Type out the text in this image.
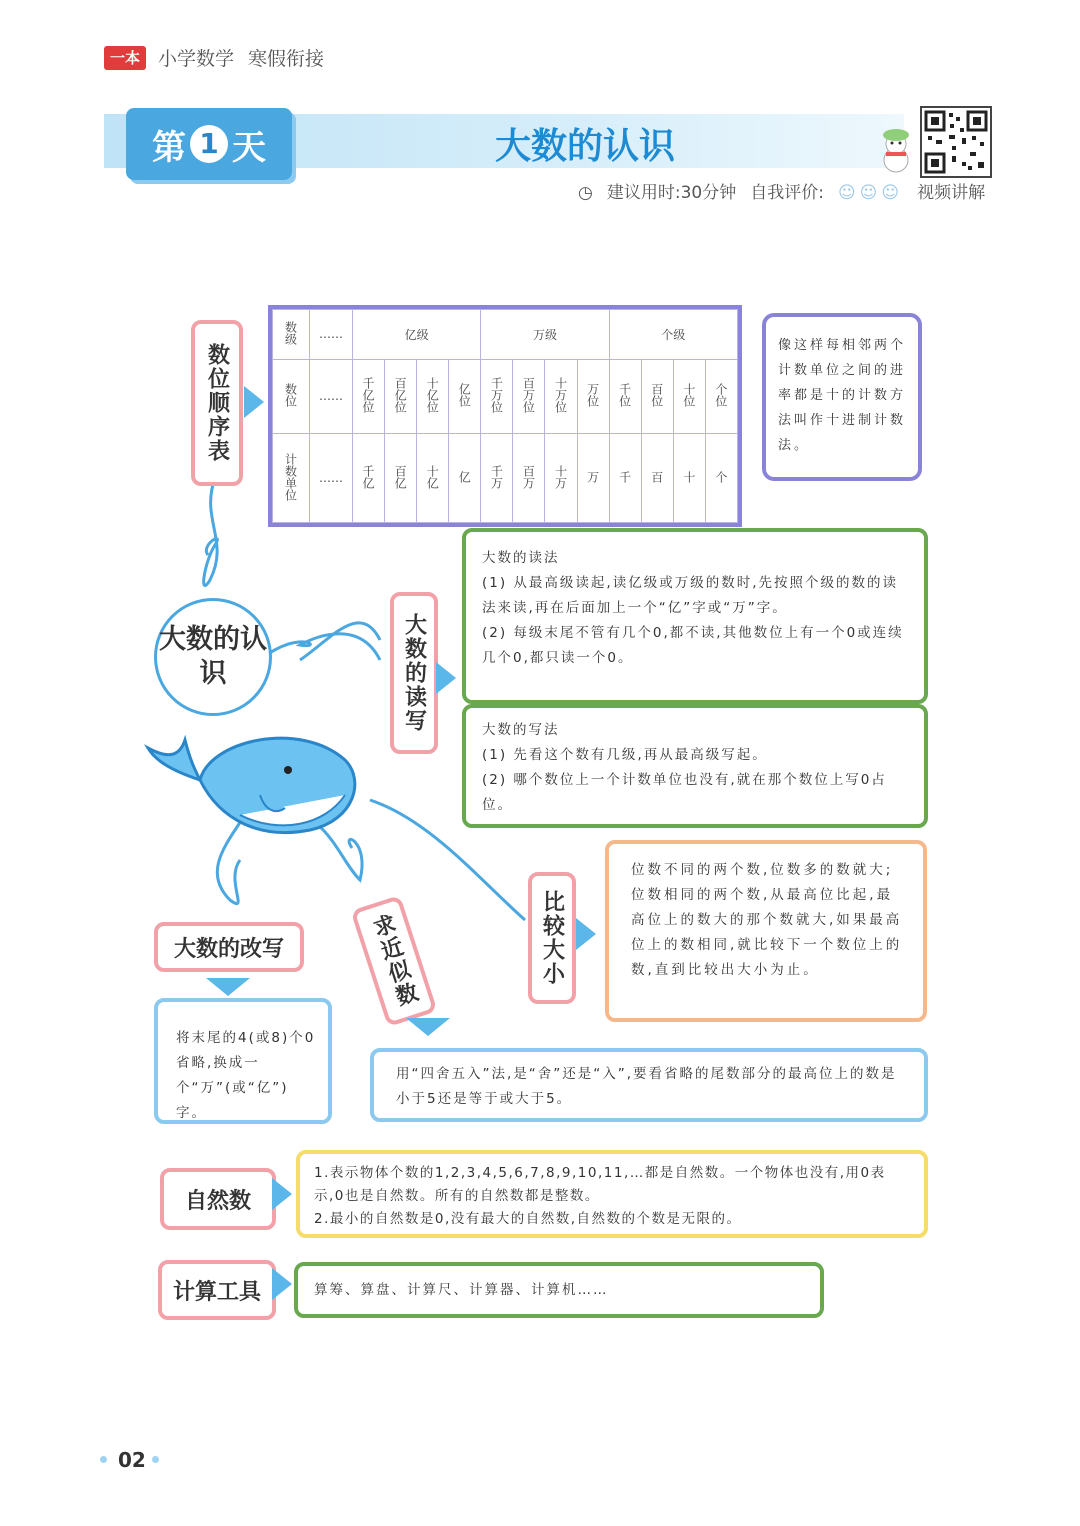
一本 小学数学 寒假衔接
第 1 天	大数的认识
◷ 建议用时:30分钟 自我评价: ☺☺☺ 视频讲解
数位顺序表
数级	……	亿级				万级				个级			
数位	……	千亿位	百亿位	十亿位	亿位	千万位	百万位	十万位	万位	千位	百位	十位	个位
计数单位	……	千亿	百亿	十亿	亿	千万	百万	十万	万	千	百	十	个
像这样每相邻两个计数单位之间的进率都是十的计数方法叫作十进制计数法。
大数的认识	大数的读写
大数的读法
(1) 从最高级读起,读亿级或万级的数时,先按照个级的数的读法来读,再在后面加上一个“亿”字或“万”字。
(2) 每级末尾不管有几个0,都不读,其他数位上有一个0或连续几个0,都只读一个0。
大数的写法
(1) 先看这个数有几级,再从最高级写起。
(2) 哪个数位上一个计数单位也没有,就在那个数位上写0占位。
比较大小
位数不同的两个数,位数多的数就大;位数相同的两个数,从最高位比起,最高位上的数大的那个数就大,如果最高位上的数相同,就比较下一个数位上的数,直到比较出大小为止。
大数的改写
将末尾的4(或8)个0省略,换成一个“万”(或“亿”)字。
求近似数
用“四舍五入”法,是“舍”还是“入”,要看省略的尾数部分的最高位上的数是小于5还是等于或大于5。
自然数
1.表示物体个数的1,2,3,4,5,6,7,8,9,10,11,…都是自然数。一个物体也没有,用0表示,0也是自然数。所有的自然数都是整数。
2.最小的自然数是0,没有最大的自然数,自然数的个数是无限的。
计算工具	算筹、算盘、计算尺、计算器、计算机……
02
